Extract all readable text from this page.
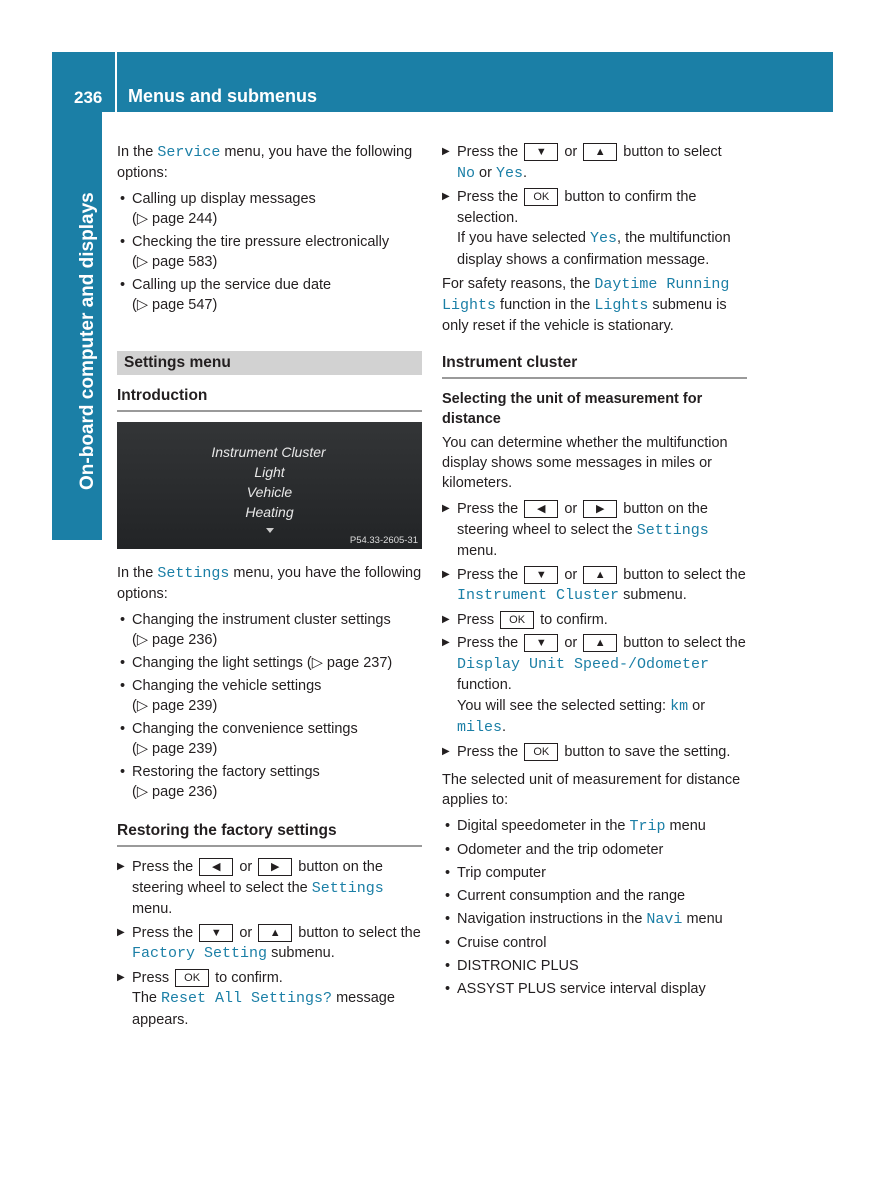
236 Menus and submenus
On-board computer and displays

In the Service menu, you have the following options:

• Calling up display messages
(▷ page 244)
• Checking the tire pressure electronically
(▷ page 583)
• Calling up the service due date
(▷ page 547)
Settings menu
Introduction
Instrument Cluster
Light
Vehicle
Heating
P54.33-2605-31

In the Settings menu, you have the following options:

• Changing the instrument cluster settings
(▷ page 236)
• Changing the light settings (▷ page 237)
• Changing the vehicle settings
(▷ page 239)
• Changing the convenience settings
(▷ page 239)
• Restoring the factory settings
(▷ page 236)
Restoring the factory settings
▶ Press the ◀ or ▶ button on the steering wheel to select the Settings menu.
▶ Press the ▼ or ▲ button to select the Factory Setting submenu.
▶ Press OK to confirm.
The Reset All Settings? message appears.
▶ Press the ▼ or ▲ button to select
No or Yes.
▶ Press the OK button to confirm the selection.
If you have selected Yes, the multifunction display shows a confirmation message.

For safety reasons, the Daytime Running Lights function in the Lights submenu is only reset if the vehicle is stationary.

Instrument cluster
Selecting the unit of measurement for distance

You can determine whether the multifunction display shows some messages in miles or kilometers.

▶ Press the ◀ or ▶ button on the steering wheel to select the Settings menu.
▶ Press the ▼ or ▲ button to select the Instrument Cluster submenu.
▶ Press OK to confirm.
▶ Press the ▼ or ▲ button to select the
Display Unit Speed-/Odometer
function.
You will see the selected setting: km or
miles.
▶ Press the OK button to save the setting.

The selected unit of measurement for distance applies to:

• Digital speedometer in the Trip menu
• Odometer and the trip odometer
• Trip computer
• Current consumption and the range
• Navigation instructions in the Navi menu
• Cruise control
• DISTRONIC PLUS
• ASSYST PLUS service interval display
